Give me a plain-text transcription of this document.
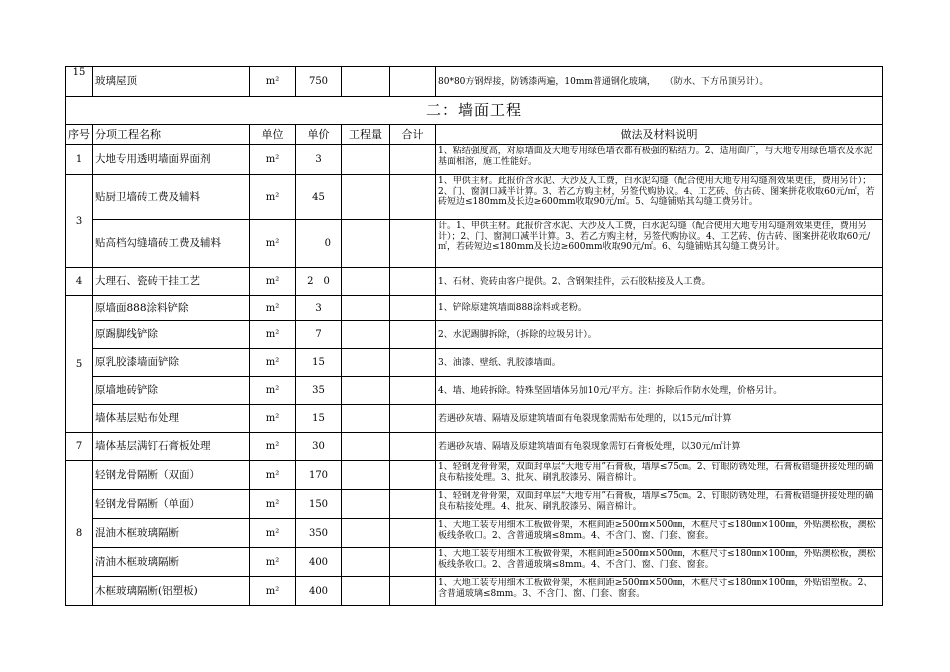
15	玻璃屋顶	m²	750			80*80方钢焊接，防锈漆两遍，10mm普通钢化玻璃，　　（防水、下方吊顶另计）。
二：墙面工程						
序号	分项工程名称	单位	单价	工程量	合计	做法及材料说明
1	大地专用透明墙面界面剂	m²	3			1、粘结强度高，对原墙面及大地专用绿色墙衣都有极强的粘结力。2、适用面广，与大地专用绿色墙衣及水泥基面相溶，施工性能好。

3	贴厨卫墙砖工费及辅料	m²	45			1、甲供主材。此报价含水泥、大沙及人工费，白水泥勾缝（配合使用大地专用勾缝剂效果更佳，费用另计）；2、门、窗洞口减半计算。3、若乙方购主材，另签代购协议。4、工艺砖、仿古砖、图案拼花收取60元/㎡，若砖短边≤180mm及长边≥600mm收取90元/㎡。5、勾缝铺贴其勾缝工费另计。

	贴高档勾缝墙砖工费及辅料	m²	0			计。1、甲供主材。此报价含水泥、大沙及人工费，白水泥勾缝（配合使用大地专用勾缝剂效果更佳，费用另计）；2、门、窗洞口减半计算。3、若乙方购主材，另签代购协议。4、工艺砖、仿古砖、图案拼花收取60元/㎡，若砖短边≤180mm及长边≥600mm收取90元/㎡。6、勾缝铺贴其勾缝工费另计。

4	大理石、瓷砖干挂工艺	m²	2　0			1、石材、瓷砖由客户提供。2、含钢架挂件，云石胶粘接及人工费。
5	原墙面888涂料铲除	m²	3			1、铲除原建筑墙面888涂料或老粉。
	原踢脚线铲除	m²	7			2、水泥踢脚拆除，（拆除的垃圾另计）。
	原乳胶漆墙面铲除	m²	15			3、油漆、壁纸、乳胶漆墙面。
	原墙地砖铲除	m²	35			4、墙、地砖拆除。特殊坚固墙体另加10元/平方。注：拆除后作防水处理，价格另计。
	墙体基层贴布处理	m²	15			若遇砂灰墙、隔墙及原建筑墙面有龟裂现象需贴布处理的，以15元/㎡计算
7	墙体基层满钉石膏板处理	m²	30			若遇砂灰墙、隔墙及原建筑墙面有龟裂现象需钉石膏板处理，以30元/㎡计算
8	轻钢龙骨隔断（双面）	m²	170			1、轻钢龙骨骨架，双面封单层“大地专用”石膏板，墙厚≤75㎝。2、钉眼防锈处理，石膏板错缝拼接处理的确良布粘接处理。3、批灰、刷乳胶漆另、隔音棉计。

	轻钢龙骨隔断（单面）	m²	150			1、轻钢龙骨骨架，双面封单层“大地专用”石膏板，墙厚≤75㎝。2、钉眼防锈处理，石膏板错缝拼接处理的确良布粘接处理。4、批灰、刷乳胶漆另、隔音棉计。

	混油木框玻璃隔断	m²	350			1、大地工装专用细木工板做骨架，木框间距≥500㎜×500㎜，木框尺寸≤180㎜×100㎜，外贴澳松板，澳松板线条收口。2、含普通玻璃≤8mm。4、不含门、窗、门套、窗套。

	清油木框玻璃隔断	m²	400			1、大地工装专用细木工板做骨架，木框间距≥500㎜×500㎜，木框尺寸≤180㎜×100㎜，外贴澳松板，澳松板线条收口。2、含普通玻璃≤8mm。4、不含门、窗、门套、窗套。

	木框玻璃隔断(铝塑板)	m²	400			1、大地工装专用细木工板做骨架，木框间距≥500㎜×500㎜，木框尺寸≤180㎜×100㎜，外贴铝塑板。2、含普通玻璃≤8mm。3、不含门、窗、门套、窗套。
